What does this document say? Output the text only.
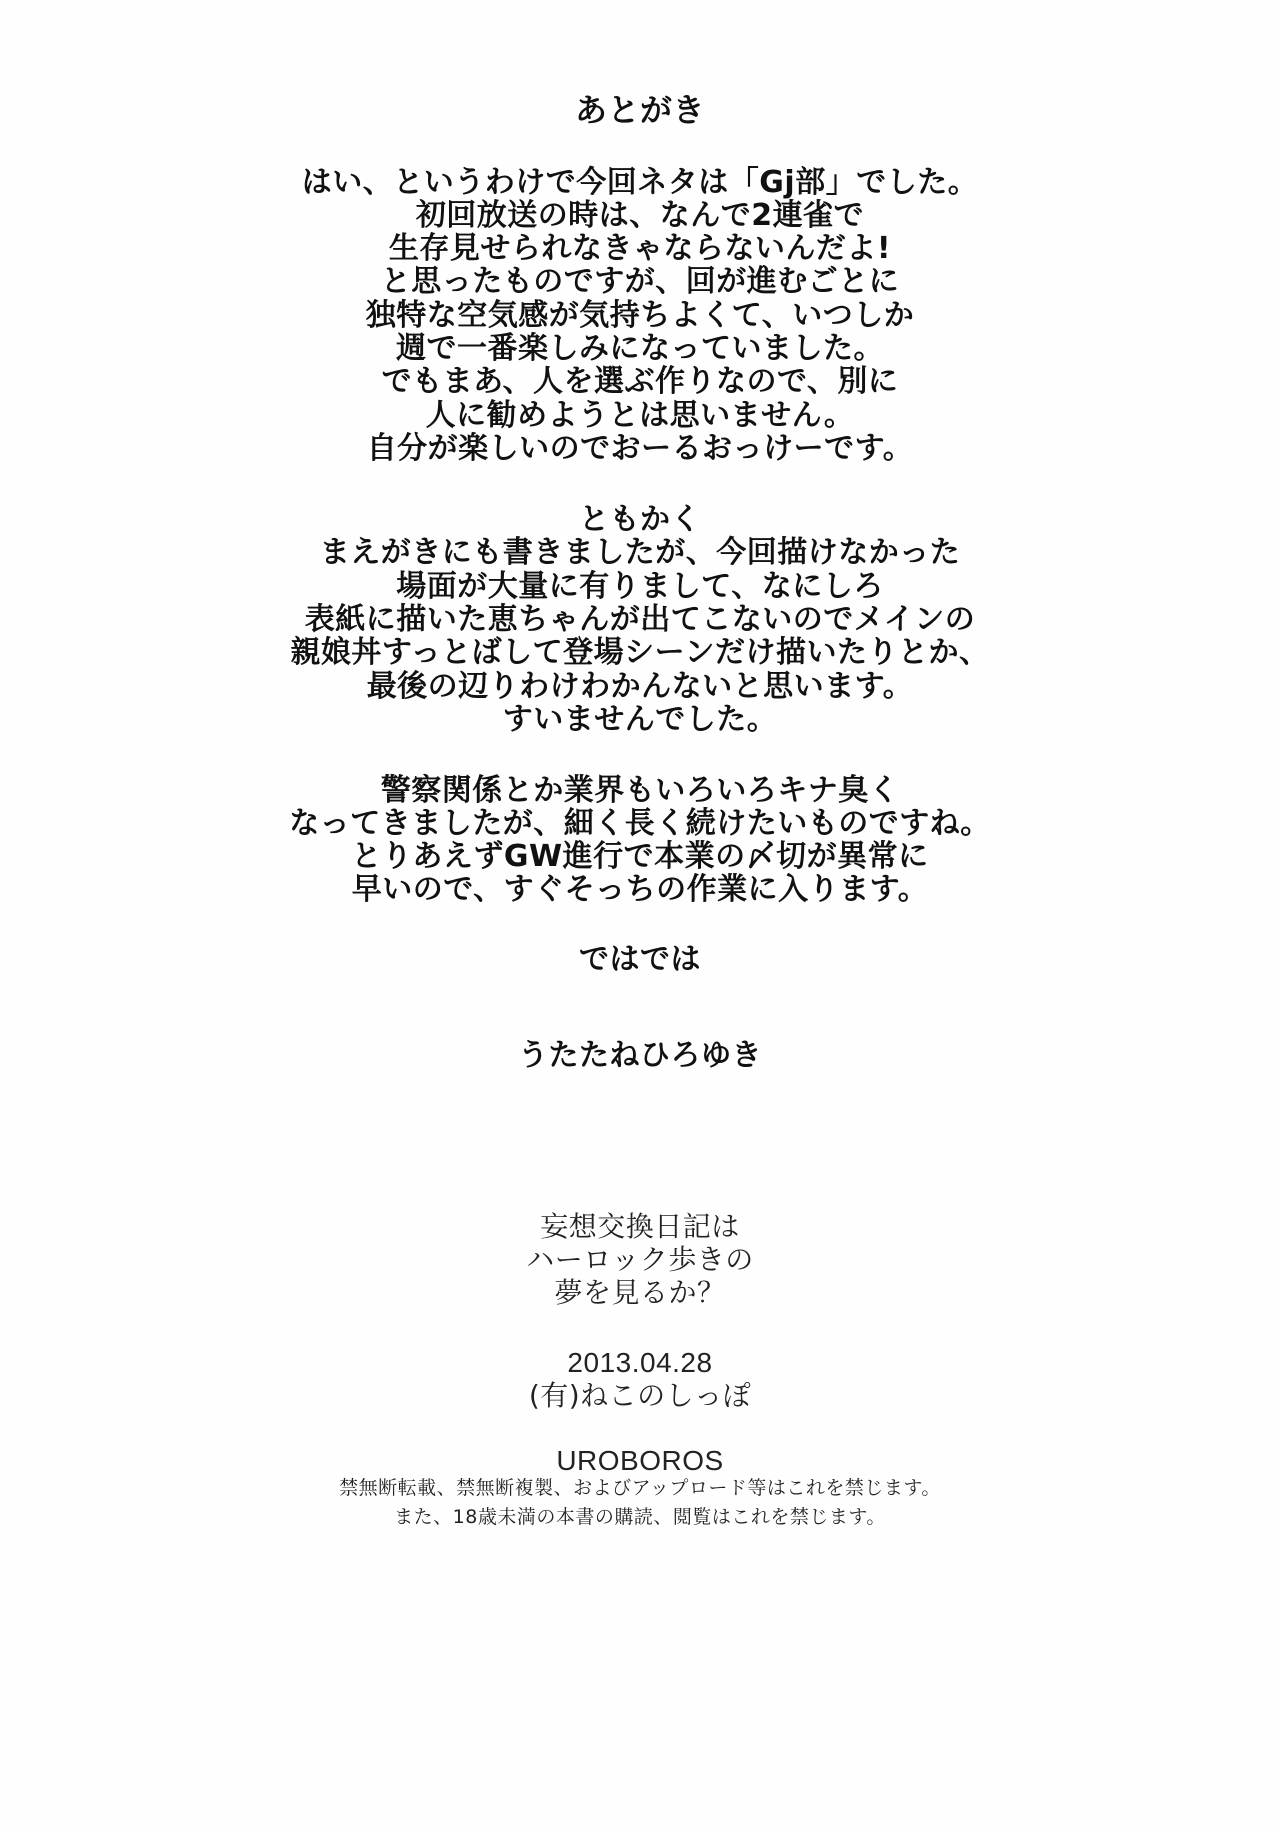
あとがき
はい、というわけで今回ネタは「Gj部」でした。
初回放送の時は、なんで2連雀で
生存見せられなきゃならないんだよ!
と思ったものですが、回が進むごとに
独特な空気感が気持ちよくて、いつしか
週で一番楽しみになっていました。
でもまあ、人を選ぶ作りなので、別に
人に勧めようとは思いません。
自分が楽しいのでおーるおっけーです。
ともかく
まえがきにも書きましたが、今回描けなかった
場面が大量に有りまして、なにしろ
表紙に描いた恵ちゃんが出てこないのでメインの
親娘丼すっとばして登場シーンだけ描いたりとか、
最後の辺りわけわかんないと思います。
すいませんでした。
警察関係とか業界もいろいろキナ臭く
なってきましたが、細く長く続けたいものですね。
とりあえずGW進行で本業の〆切が異常に
早いので、すぐそっちの作業に入ります。
ではでは
うたたねひろゆき
妄想交換日記は
ハーロック歩きの
夢を見るか？
2013.04.28
(有)ねこのしっぽ
UROBOROS
禁無断転載、禁無断複製、およびアップロード等はこれを禁じます。
また、18歳未満の本書の購読、閲覧はこれを禁じます。
